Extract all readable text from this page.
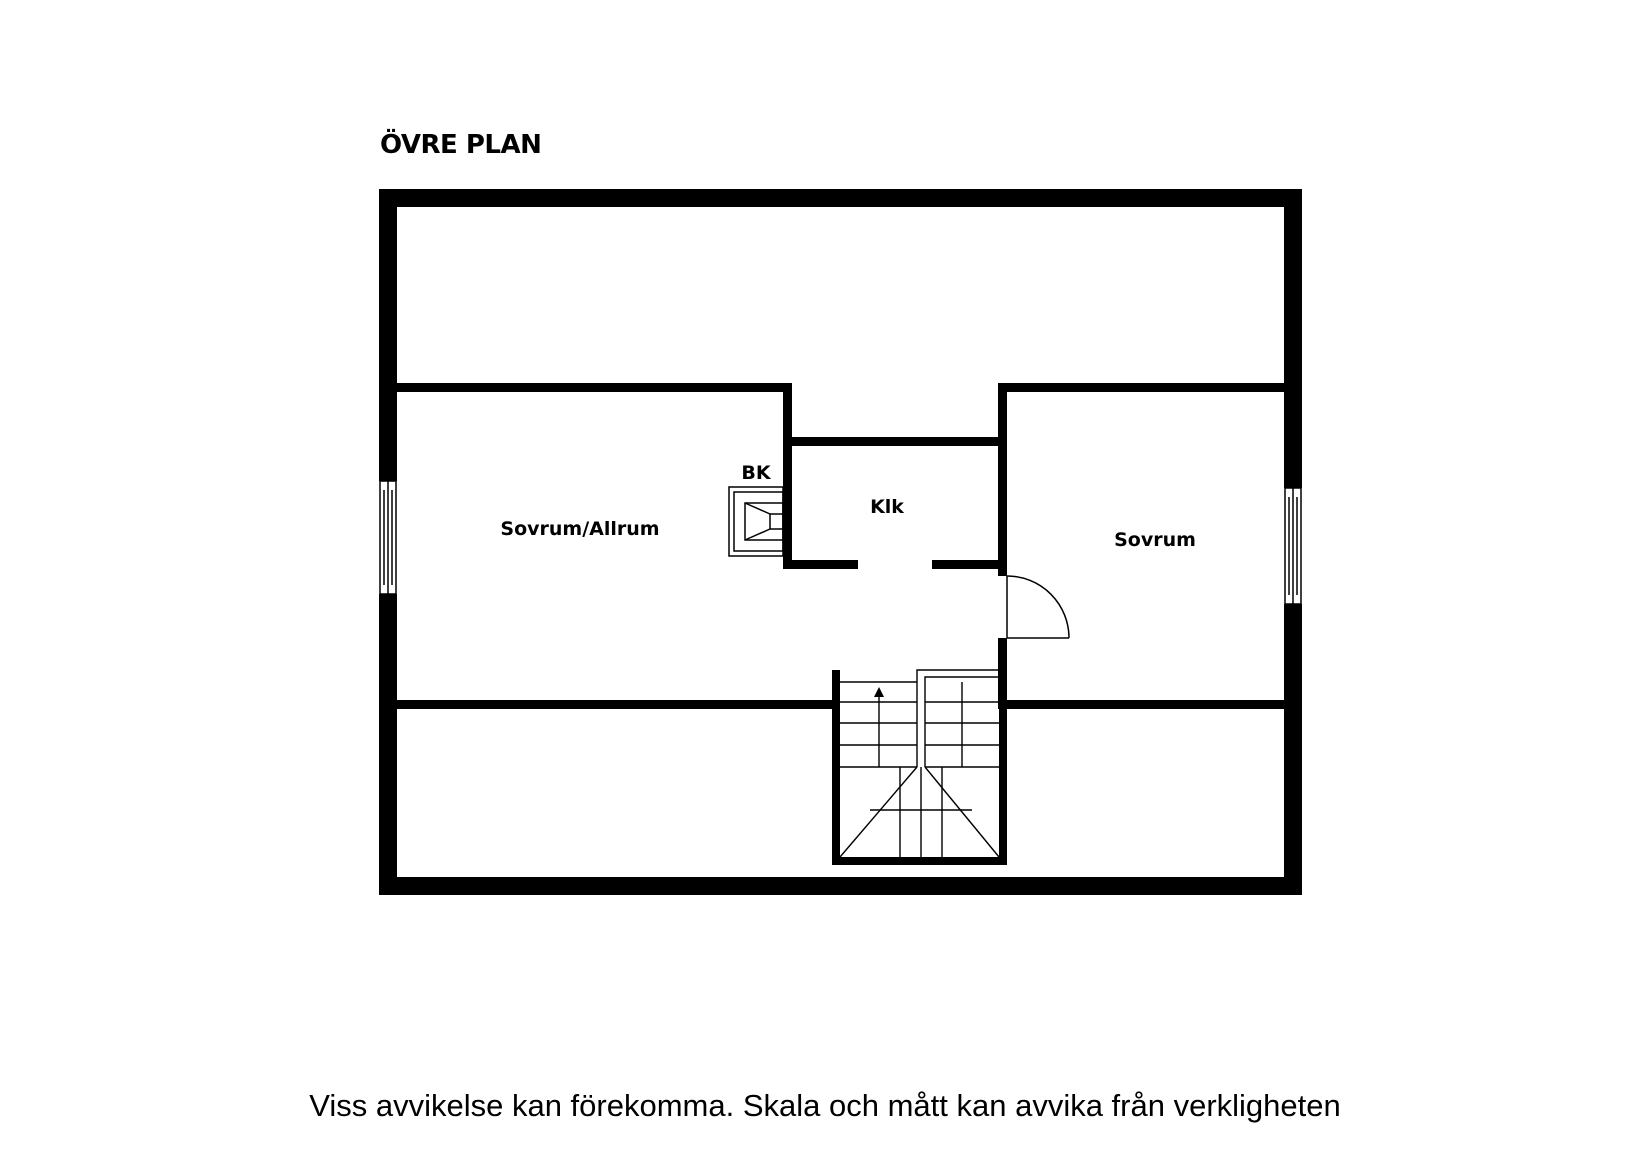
ÖVRE PLAN
Sovrum/Allrum
Klk
Sovrum
BK
Viss avvikelse kan förekomma. Skala och mått kan avvika från verkligheten
